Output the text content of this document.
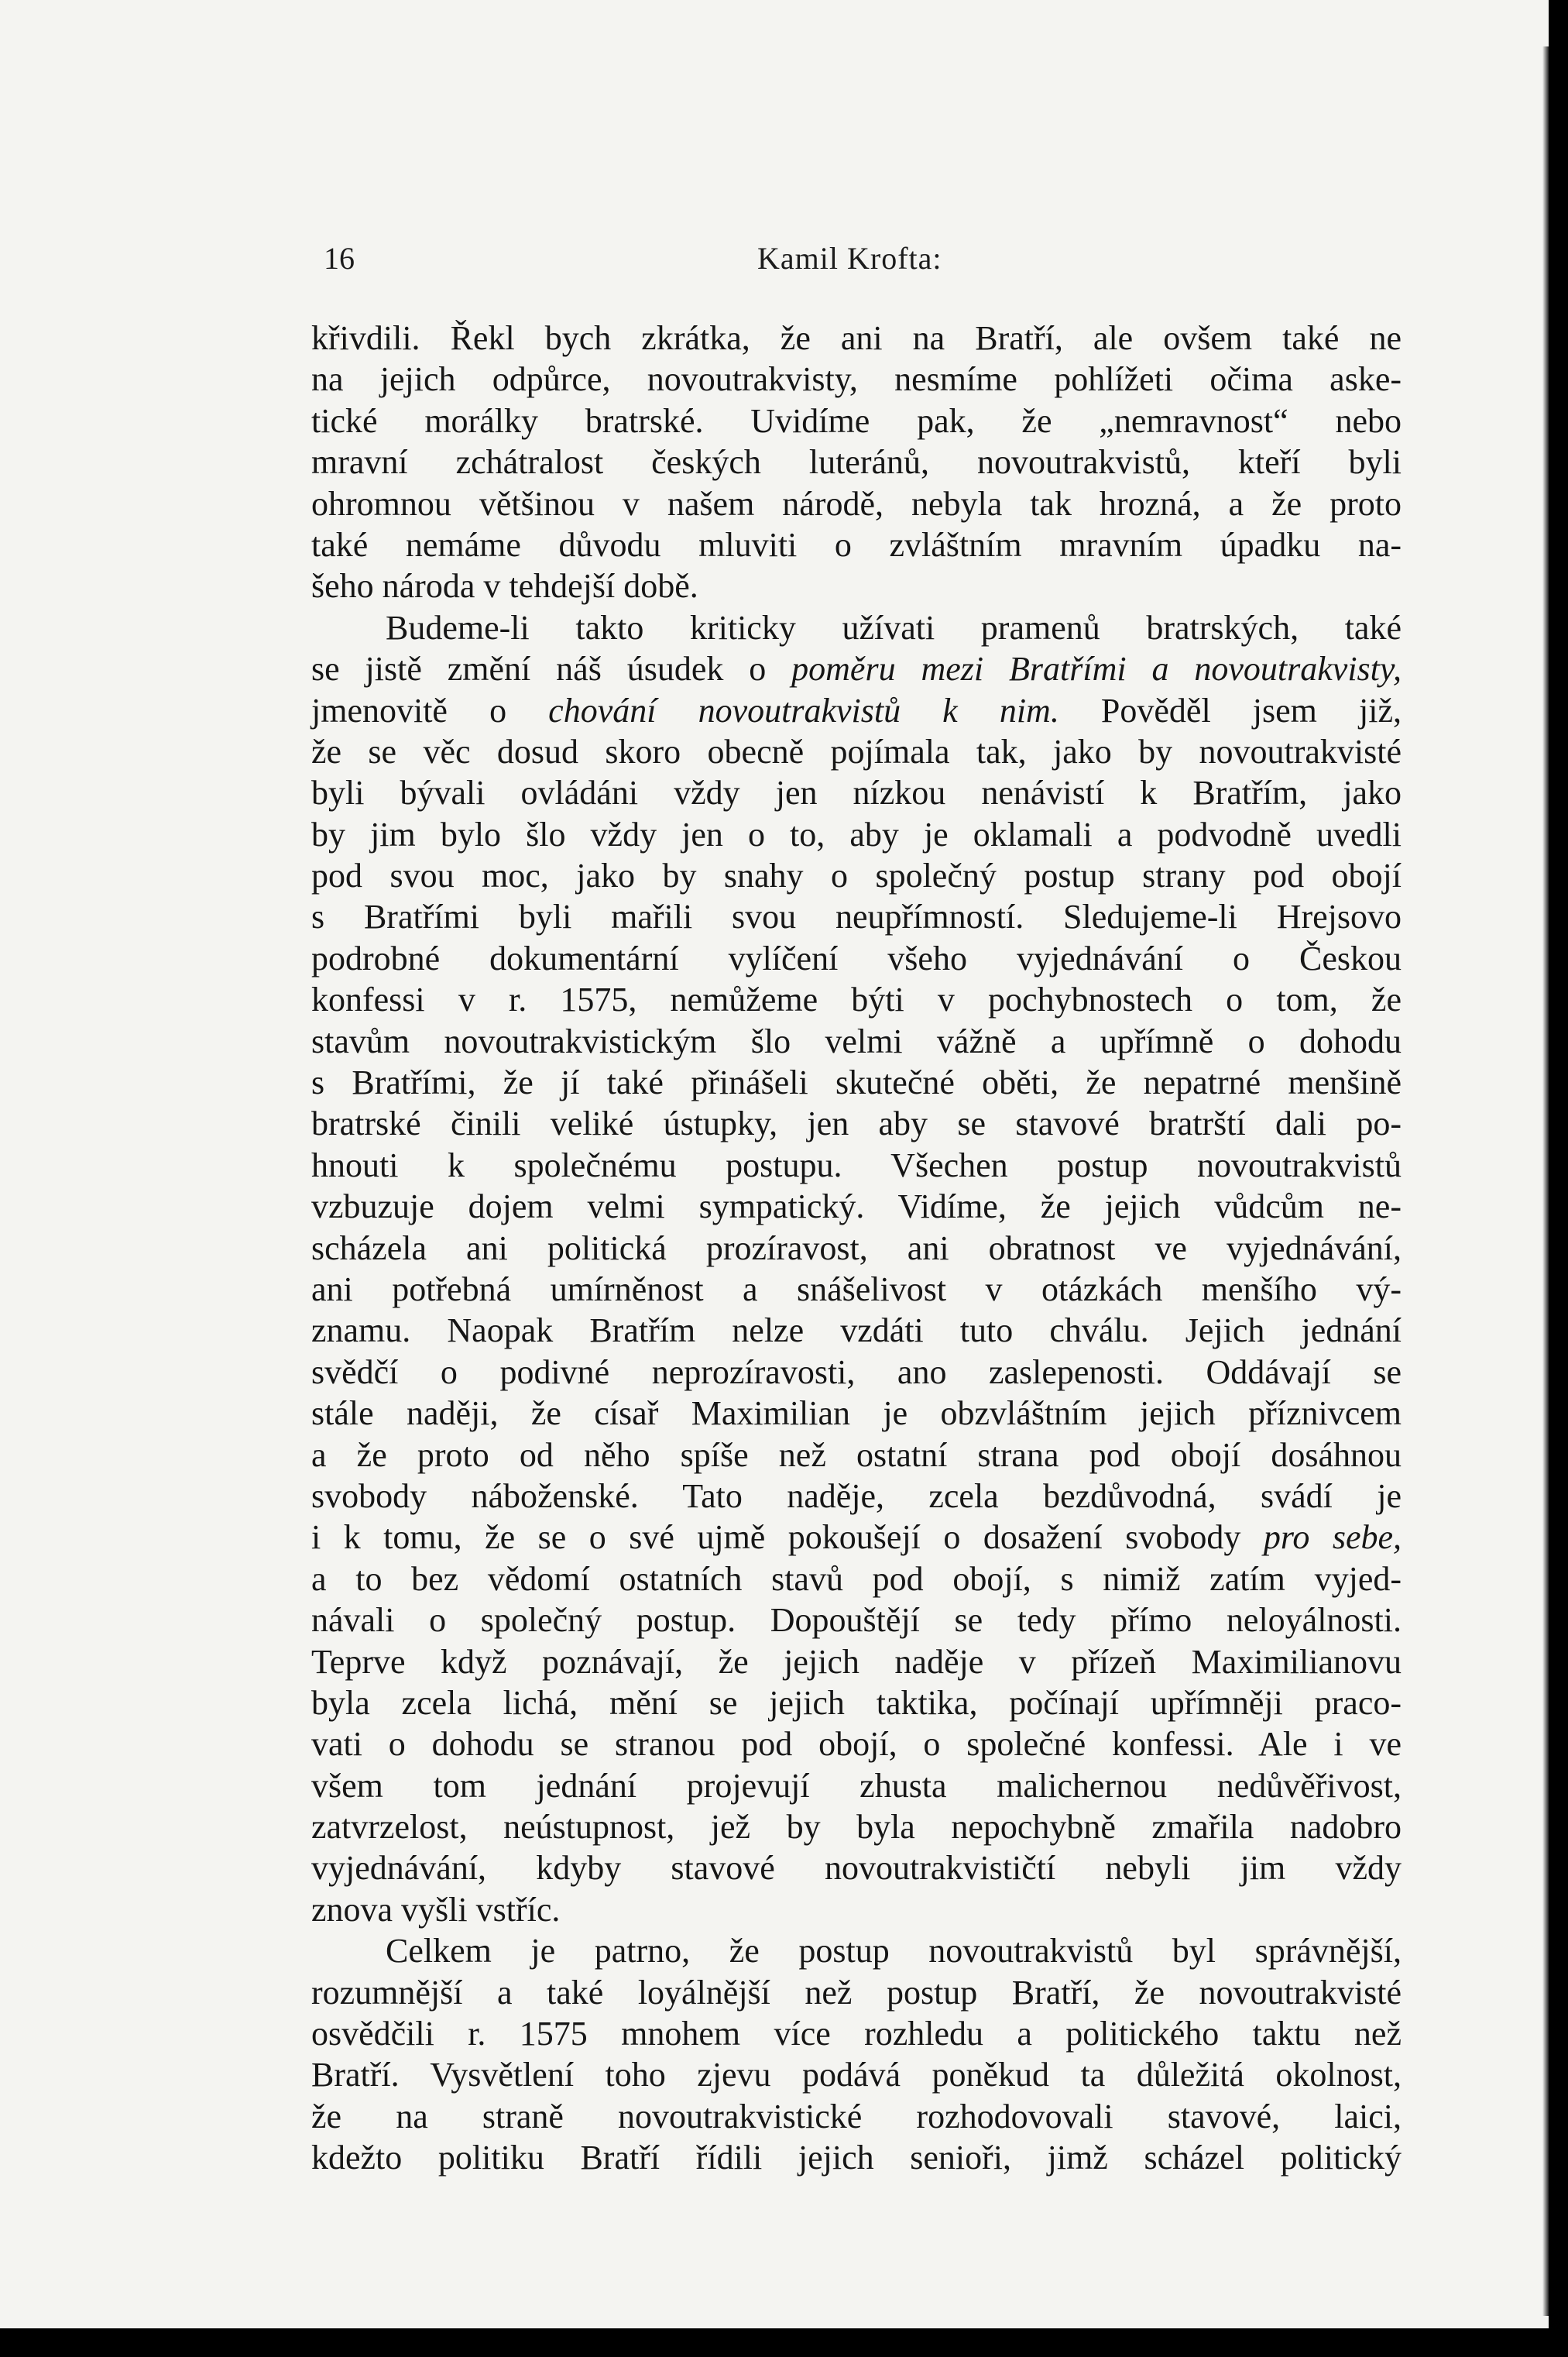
16	Kamil Krofta:
křivdili. Řekl bych zkrátka, že ani na Bratří, ale ovšem také ne
na jejich odpůrce, novoutrakvisty, nesmíme pohlížeti očima aske-
tické morálky bratrské. Uvidíme pak, že „nemravnost“ nebo
mravní zchátralost českých luteránů, novoutrakvistů, kteří byli
ohromnou většinou v našem národě, nebyla tak hrozná, a že proto
také nemáme důvodu mluviti o zvláštním mravním úpadku na-
šeho národa v tehdejší době.
Budeme-li takto kriticky užívati pramenů bratrských, také
se jistě změní náš úsudek o poměru mezi Bratřími a novoutrakvisty,
jmenovitě o chování novoutrakvistů k nim. Pověděl jsem již,
že se věc dosud skoro obecně pojímala tak, jako by novoutrakvisté
byli bývali ovládáni vždy jen nízkou nenávistí k Bratřím, jako
by jim bylo šlo vždy jen o to, aby je oklamali a podvodně uvedli
pod svou moc, jako by snahy o společný postup strany pod obojí
s Bratřími byli mařili svou neupřímností. Sledujeme-li Hrejsovo
podrobné dokumentární vylíčení všeho vyjednávání o Českou
konfessi v r. 1575, nemůžeme býti v pochybnostech o tom, že
stavům novoutrakvistickým šlo velmi vážně a upřímně o dohodu
s Bratřími, že jí také přinášeli skutečné oběti, že nepatrné menšině
bratrské činili veliké ústupky, jen aby se stavové bratrští dali po-
hnouti k společnému postupu. Všechen postup novoutrakvistů
vzbuzuje dojem velmi sympatický. Vidíme, že jejich vůdcům ne-
scházela ani politická prozíravost, ani obratnost ve vyjednávání,
ani potřebná umírněnost a snášelivost v otázkách menšího vý-
znamu. Naopak Bratřím nelze vzdáti tuto chválu. Jejich jednání
svědčí o podivné neprozíravosti, ano zaslepenosti. Oddávají se
stále naději, že císař Maximilian je obzvláštním jejich příznivcem
a že proto od něho spíše než ostatní strana pod obojí dosáhnou
svobody náboženské. Tato naděje, zcela bezdůvodná, svádí je
i k tomu, že se o své ujmě pokoušejí o dosažení svobody pro sebe,
a to bez vědomí ostatních stavů pod obojí, s nimiž zatím vyjed-
návali o společný postup. Dopouštějí se tedy přímo neloyálnosti.
Teprve když poznávají, že jejich naděje v přízeň Maximilianovu
byla zcela lichá, mění se jejich taktika, počínají upřímněji praco-
vati o dohodu se stranou pod obojí, o společné konfessi. Ale i ve
všem tom jednání projevují zhusta malichernou nedůvěřivost,
zatvrzelost, neústupnost, jež by byla nepochybně zmařila nadobro
vyjednávání, kdyby stavové novoutrakvističtí nebyli jim vždy
znova vyšli vstříc.
Celkem je patrno, že postup novoutrakvistů byl správnější,
rozumnější a také loyálnější než postup Bratří, že novoutrakvisté
osvědčili r. 1575 mnohem více rozhledu a politického taktu než
Bratří. Vysvětlení toho zjevu podává poněkud ta důležitá okolnost,
že na straně novoutrakvistické rozhodovovali stavové, laici,
kdežto politiku Bratří řídili jejich senioři, jimž scházel politický
